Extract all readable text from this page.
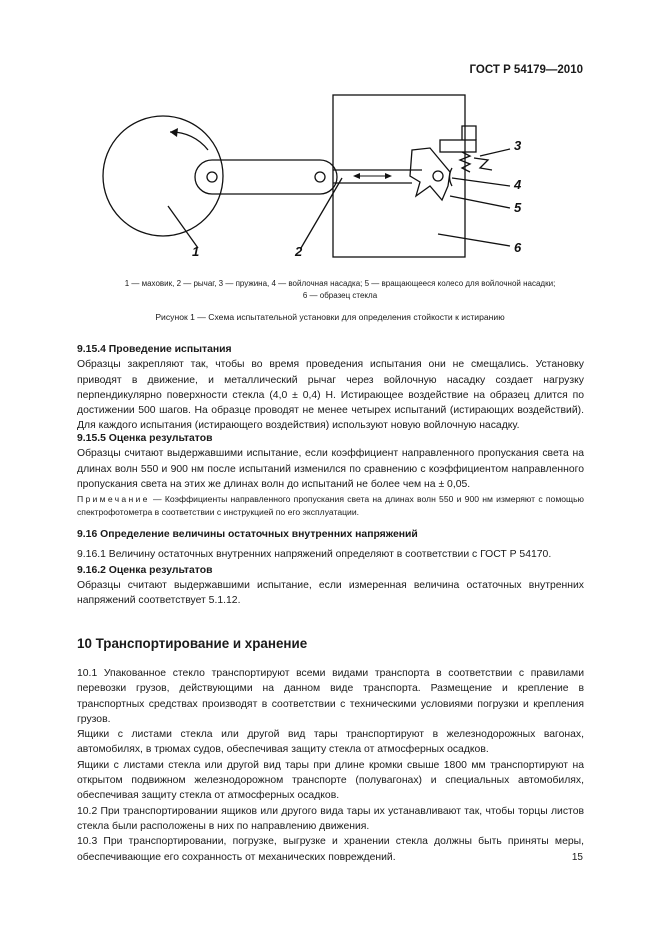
ГОСТ Р 54179—2010
1	2
3
4
5
6
1 — маховик, 2 — рычаг, 3 — пружина, 4 — войлочная насадка; 5 — вращающееся колесо для войлочной насадки;
6 — образец стекла
Рисунок 1 — Схема испытательной установки для определения стойкости к истиранию

9.15.4 Проведение испытания

Образцы закрепляют так, чтобы во время проведения испытания они не смещались. Установку приводят в движение, и металлический рычаг через войлочную насадку создает нагрузку перпендикулярно поверхности стекла (4,0 ± 0,4) Н. Истирающее воздействие на образец длится по достижении 500 шагов. На образце проводят не менее четырех испытаний (истирающих воздействий). Для каждого испытания (истирающего воздействия) используют новую войлочную насадку.

9.15.5 Оценка результатов

Образцы считают выдержавшими испытание, если коэффициент направленного пропускания света на длинах волн 550 и 900 нм после испытаний изменился по сравнению с коэффициентом направленного пропускания света на этих же длинах волн до испытаний не более чем на ± 0,05.

Примечание — Коэффициенты направленного пропускания света на длинах волн 550 и 900 нм измеряют с помощью спектрофотометра в соответствии с инструкцией по его эксплуатации.

9.16 Определение величины остаточных внутренних напряжений

9.16.1 Величину остаточных внутренних напряжений определяют в соответствии с ГОСТ Р 54170.

9.16.2 Оценка результатов

Образцы считают выдержавшими испытание, если измеренная величина остаточных внутренних напряжений соответствует 5.1.12.

10 Транспортирование и хранение

10.1 Упакованное стекло транспортируют всеми видами транспорта в соответствии с правилами перевозки грузов, действующими на данном виде транспорта. Размещение и крепление в транспортных средствах производят в соответствии с техническими условиями погрузки и крепления грузов.

Ящики с листами стекла или другой вид тары транспортируют в железнодорожных вагонах, автомобилях, в трюмах судов, обеспечивая защиту стекла от атмосферных осадков.

Ящики с листами стекла или другой вид тары при длине кромки свыше 1800 мм транспортируют на открытом подвижном железнодорожном транспорте (полувагонах) и специальных автомобилях, обеспечивая защиту стекла от атмосферных осадков.

10.2 При транспортировании ящиков или другого вида тары их устанавливают так, чтобы торцы листов стекла были расположены в них по направлению движения.

10.3 При транспортировании, погрузке, выгрузке и хранении стекла должны быть приняты меры, обеспечивающие его сохранность от механических повреждений.	15
